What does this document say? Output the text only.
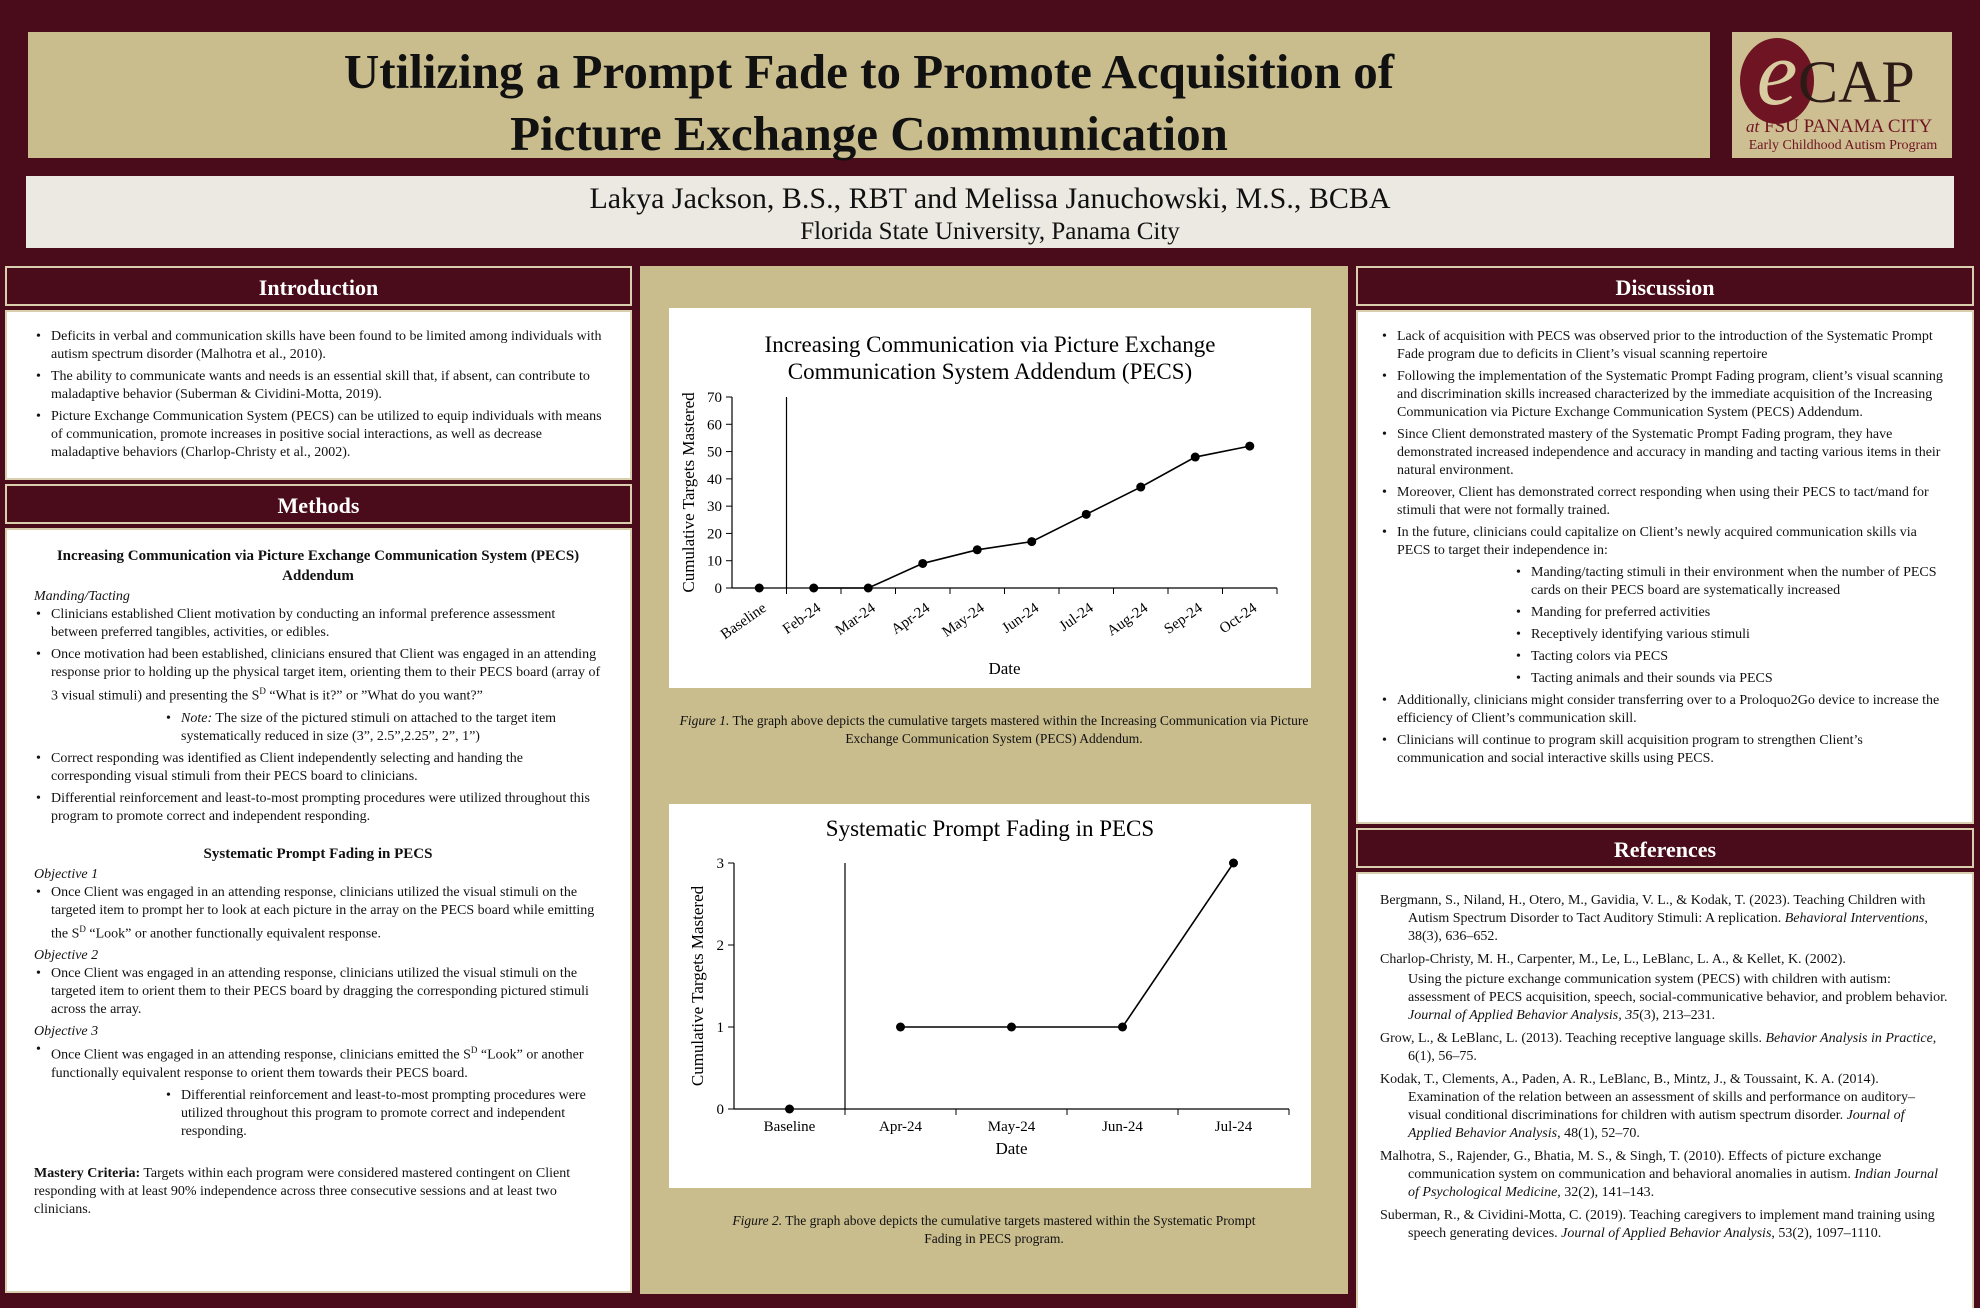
Utilizing a Prompt Fade to Promote Acquisition of
Picture Exchange Communication
e CAP
at FSU PANAMA CITY
Early Childhood Autism Program
Lakya Jackson, B.S., RBT and Melissa Januchowski, M.S., BCBA
Florida State University, Panama City
Introduction
• Deficits in verbal and communication skills have been found to be limited among individuals with autism spectrum disorder (Malhotra et al., 2010).
• The ability to communicate wants and needs is an essential skill that, if absent, can contribute to maladaptive behavior (Suberman & Cividini-Motta, 2019).
• Picture Exchange Communication System (PECS) can be utilized to equip individuals with means of communication, promote increases in positive social interactions, as well as decrease maladaptive behaviors (Charlop-Christy et al., 2002).
Methods
Increasing Communication via Picture Exchange Communication System (PECS) Addendum
Manding/Tacting
• Clinicians established Client motivation by conducting an informal preference assessment between preferred tangibles, activities, or edibles.
• Once motivation had been established, clinicians ensured that Client was engaged in an attending response prior to holding up the physical target item, orienting them to their PECS board (array of 3 visual stimuli) and presenting the $S^D$ “What is it?” or ”What do you want?”
• Note: The size of the pictured stimuli on attached to the target item systematically reduced in size (3”, 2.5”,2.25”, 2”, 1”)
• Correct responding was identified as Client independently selecting and handing the corresponding visual stimuli from their PECS board to clinicians.
• Differential reinforcement and least-to-most prompting procedures were utilized throughout this program to promote correct and independent responding.
Systematic Prompt Fading in PECS
Objective 1
• Once Client was engaged in an attending response, clinicians utilized the visual stimuli on the targeted item to prompt her to look at each picture in the array on the PECS board while emitting the $S^D$ “Look” or another functionally equivalent response.
Objective 2
• Once Client was engaged in an attending response, clinicians utilized the visual stimuli on the targeted item to orient them to their PECS board by dragging the corresponding pictured stimuli across the array.
Objective 3
• Once Client was engaged in an attending response, clinicians emitted the $S^D$ “Look” or another functionally equivalent response to orient them towards their PECS board.
• Differential reinforcement and least-to-most prompting procedures were utilized throughout this program to promote correct and independent responding.
Mastery Criteria: Targets within each program were considered mastered contingent on Client responding with at least 90% independence across three consecutive sessions and at least two clinicians.
Increasing Communication via Picture Exchange
Communication System Addendum (PECS)
0
10
20
30
40
50
60
70
Baseline Feb-24 Mar-24 Apr-24 May-24 Jun-24 Jul-24 Aug-24 Sep-24 Oct-24
Date
Cumulative Targets Mastered
Figure 1. The graph above depicts the cumulative targets mastered within the Increasing Communication via Picture Exchange Communication System (PECS) Addendum.
Systematic Prompt Fading in PECS
0
1
2
3
Baseline	Apr-24	May-24	Jun-24	Jul-24
Date
Cumulative Targets Mastered
Figure 2. The graph above depicts the cumulative targets mastered within the Systematic Prompt Fading in PECS program.
Discussion
• Lack of acquisition with PECS was observed prior to the introduction of the Systematic Prompt Fade program due to deficits in Client’s visual scanning repertoire
• Following the implementation of the Systematic Prompt Fading program, client’s visual scanning and discrimination skills increased characterized by the immediate acquisition of the Increasing Communication via Picture Exchange Communication System (PECS) Addendum.
• Since Client demonstrated mastery of the Systematic Prompt Fading program, they have demonstrated increased independence and accuracy in manding and tacting various items in their natural environment.
• Moreover, Client has demonstrated correct responding when using their PECS to tact/mand for stimuli that were not formally trained.
• In the future, clinicians could capitalize on Client’s newly acquired communication skills via PECS to target their independence in:
• Manding/tacting stimuli in their environment when the number of PECS cards on their PECS board are systematically increased
• Manding for preferred activities
• Receptively identifying various stimuli
• Tacting colors via PECS
• Tacting animals and their sounds via PECS
• Additionally, clinicians might consider transferring over to a Proloquo2Go device to increase the efficiency of Client’s communication skill.
• Clinicians will continue to program skill acquisition program to strengthen Client’s communication and social interactive skills using PECS.
References
Bergmann, S., Niland, H., Otero, M., Gavidia, V. L., & Kodak, T. (2023). Teaching Children with Autism Spectrum Disorder to Tact Auditory Stimuli: A replication. Behavioral Interventions, 38(3), 636–652.
Charlop-Christy, M. H., Carpenter, M., Le, L., LeBlanc, L. A., & Kellet, K. (2002).
Using the picture exchange communication system (PECS) with children with autism: assessment of PECS acquisition, speech, social-communicative behavior, and problem behavior. Journal of Applied Behavior Analysis, 35(3), 213–231.
Grow, L., & LeBlanc, L. (2013). Teaching receptive language skills. Behavior Analysis in Practice, 6(1), 56–75.
Kodak, T., Clements, A., Paden, A. R., LeBlanc, B., Mintz, J., & Toussaint, K. A. (2014). Examination of the relation between an assessment of skills and performance on auditory–visual conditional discriminations for children with autism spectrum disorder. Journal of Applied Behavior Analysis, 48(1), 52–70.
Malhotra, S., Rajender, G., Bhatia, M. S., & Singh, T. (2010). Effects of picture exchange communication system on communication and behavioral anomalies in autism. Indian Journal of Psychological Medicine, 32(2), 141–143.
Suberman, R., & Cividini-Motta, C. (2019). Teaching caregivers to implement mand training using speech generating devices. Journal of Applied Behavior Analysis, 53(2), 1097–1110.
